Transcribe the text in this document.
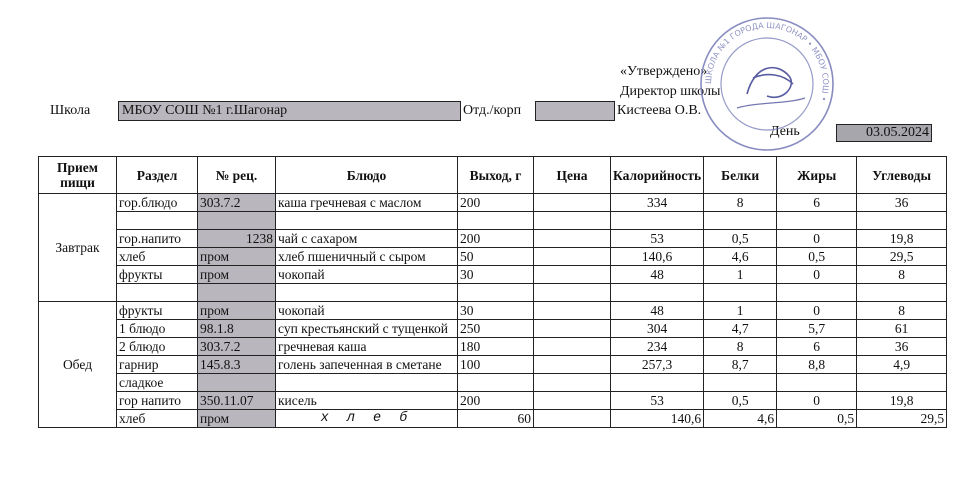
«Утверждено»
Директор школы
Кистеева О.В.
День	03.05.2024
Школа МБОУ СОШ №1 г.Шагонар	Отд./корп
ШКОЛА №1 ГОРОДА ШАГОНАР • МБОУ СОШ •
Прием пищи	Раздел	№ рец.	Блюдо	Выход, г	Цена	Калорийность	Белки	Жиры	Углеводы
Завтрак	гор.блюдо	303.7.2	каша гречневая с маслом	200		334	8	6	36

	гор.напито	1238	чай с сахаром	200		53	0,5	0	19,8
	хлеб	пром	хлеб пшеничный с сыром	50		140,6	4,6	0,5	29,5
	фрукты	пром	чокопай	30		48	1	0	8

Обед	фрукты	пром	чокопай	30		48	1	0	8
	1 блюдо	98.1.8	суп крестьянский с тущенкой	250		304	4,7	5,7	61
	2 блюдо	303.7.2	гречневая каша	180		234	8	6	36
	гарнир	145.8.3	голень запеченная в сметане	100		257,3	8,7	8,8	4,9
	сладкое								
	гор напито	350.11.07	кисель	200		53	0,5	0	19,8
	хлеб	пром	х л е б	60		140,6	4,6	0,5	29,5
